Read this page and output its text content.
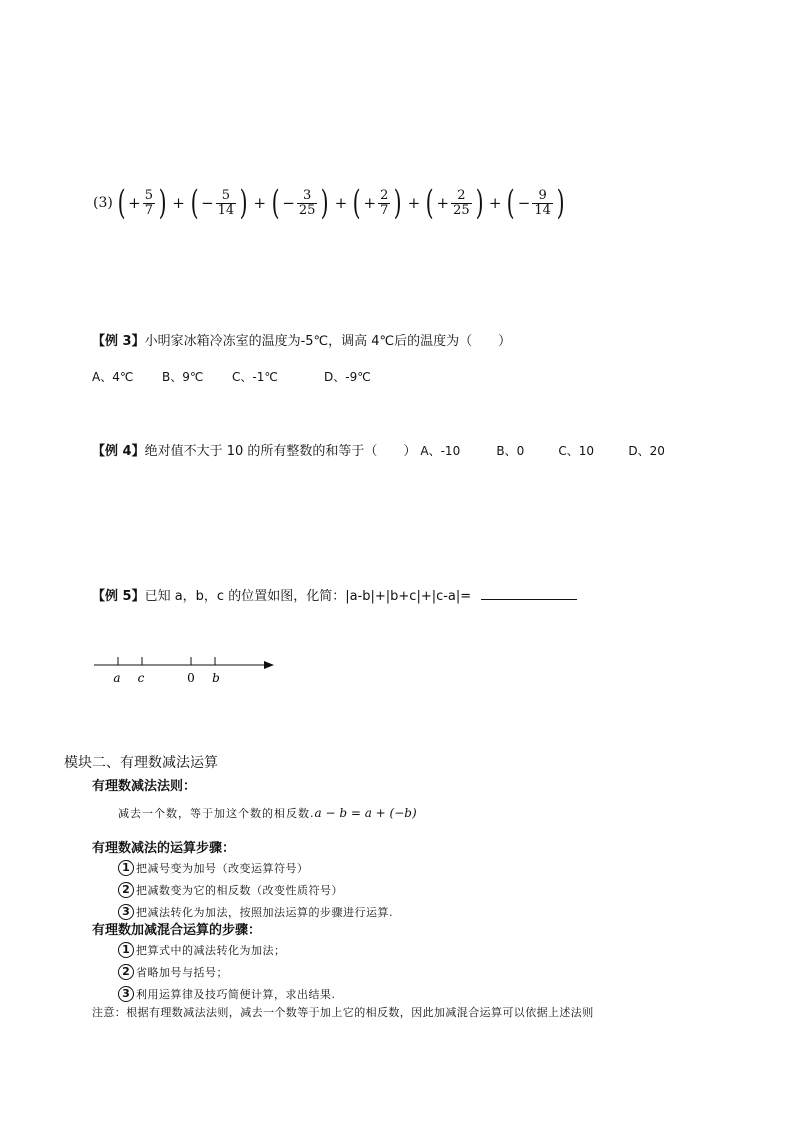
(3) ( + $\frac{5}{7}$ ) + ( − $\frac{5}{14}$ ) + ( − $\frac{3}{25}$ ) + ( + $\frac{2}{7}$ ) + ( + $\frac{2}{25}$ ) + ( − $\frac{9}{14}$ )
【例 3】小明家冰箱冷冻室的温度为-5℃，调高 4℃后的温度为（　　）
A、4℃ B、9℃ C、-1℃	D、-9℃
【例 4】绝对值不大于 10 的所有整数的和等于（　　） A、-10	B、0	C、10	D、20
【例 5】已知 a，b，c 的位置如图，化简：|a-b|+|b+c|+|c-a|=
a c	0 b
模块二、有理数减法运算
有理数减法法则：
减去一个数，等于加这个数的相反数.a − b = a + (−b)
有理数减法的运算步骤：
1 把减号变为加号（改变运算符号）
2 把减数变为它的相反数（改变性质符号）
3 把减法转化为加法，按照加法运算的步骤进行运算.
有理数加减混合运算的步骤：
1 把算式中的减法转化为加法；
2 省略加号与括号；
3 利用运算律及技巧简便计算，求出结果.
注意：根据有理数减法法则，减去一个数等于加上它的相反数，因此加减混合运算可以依据上述法则
